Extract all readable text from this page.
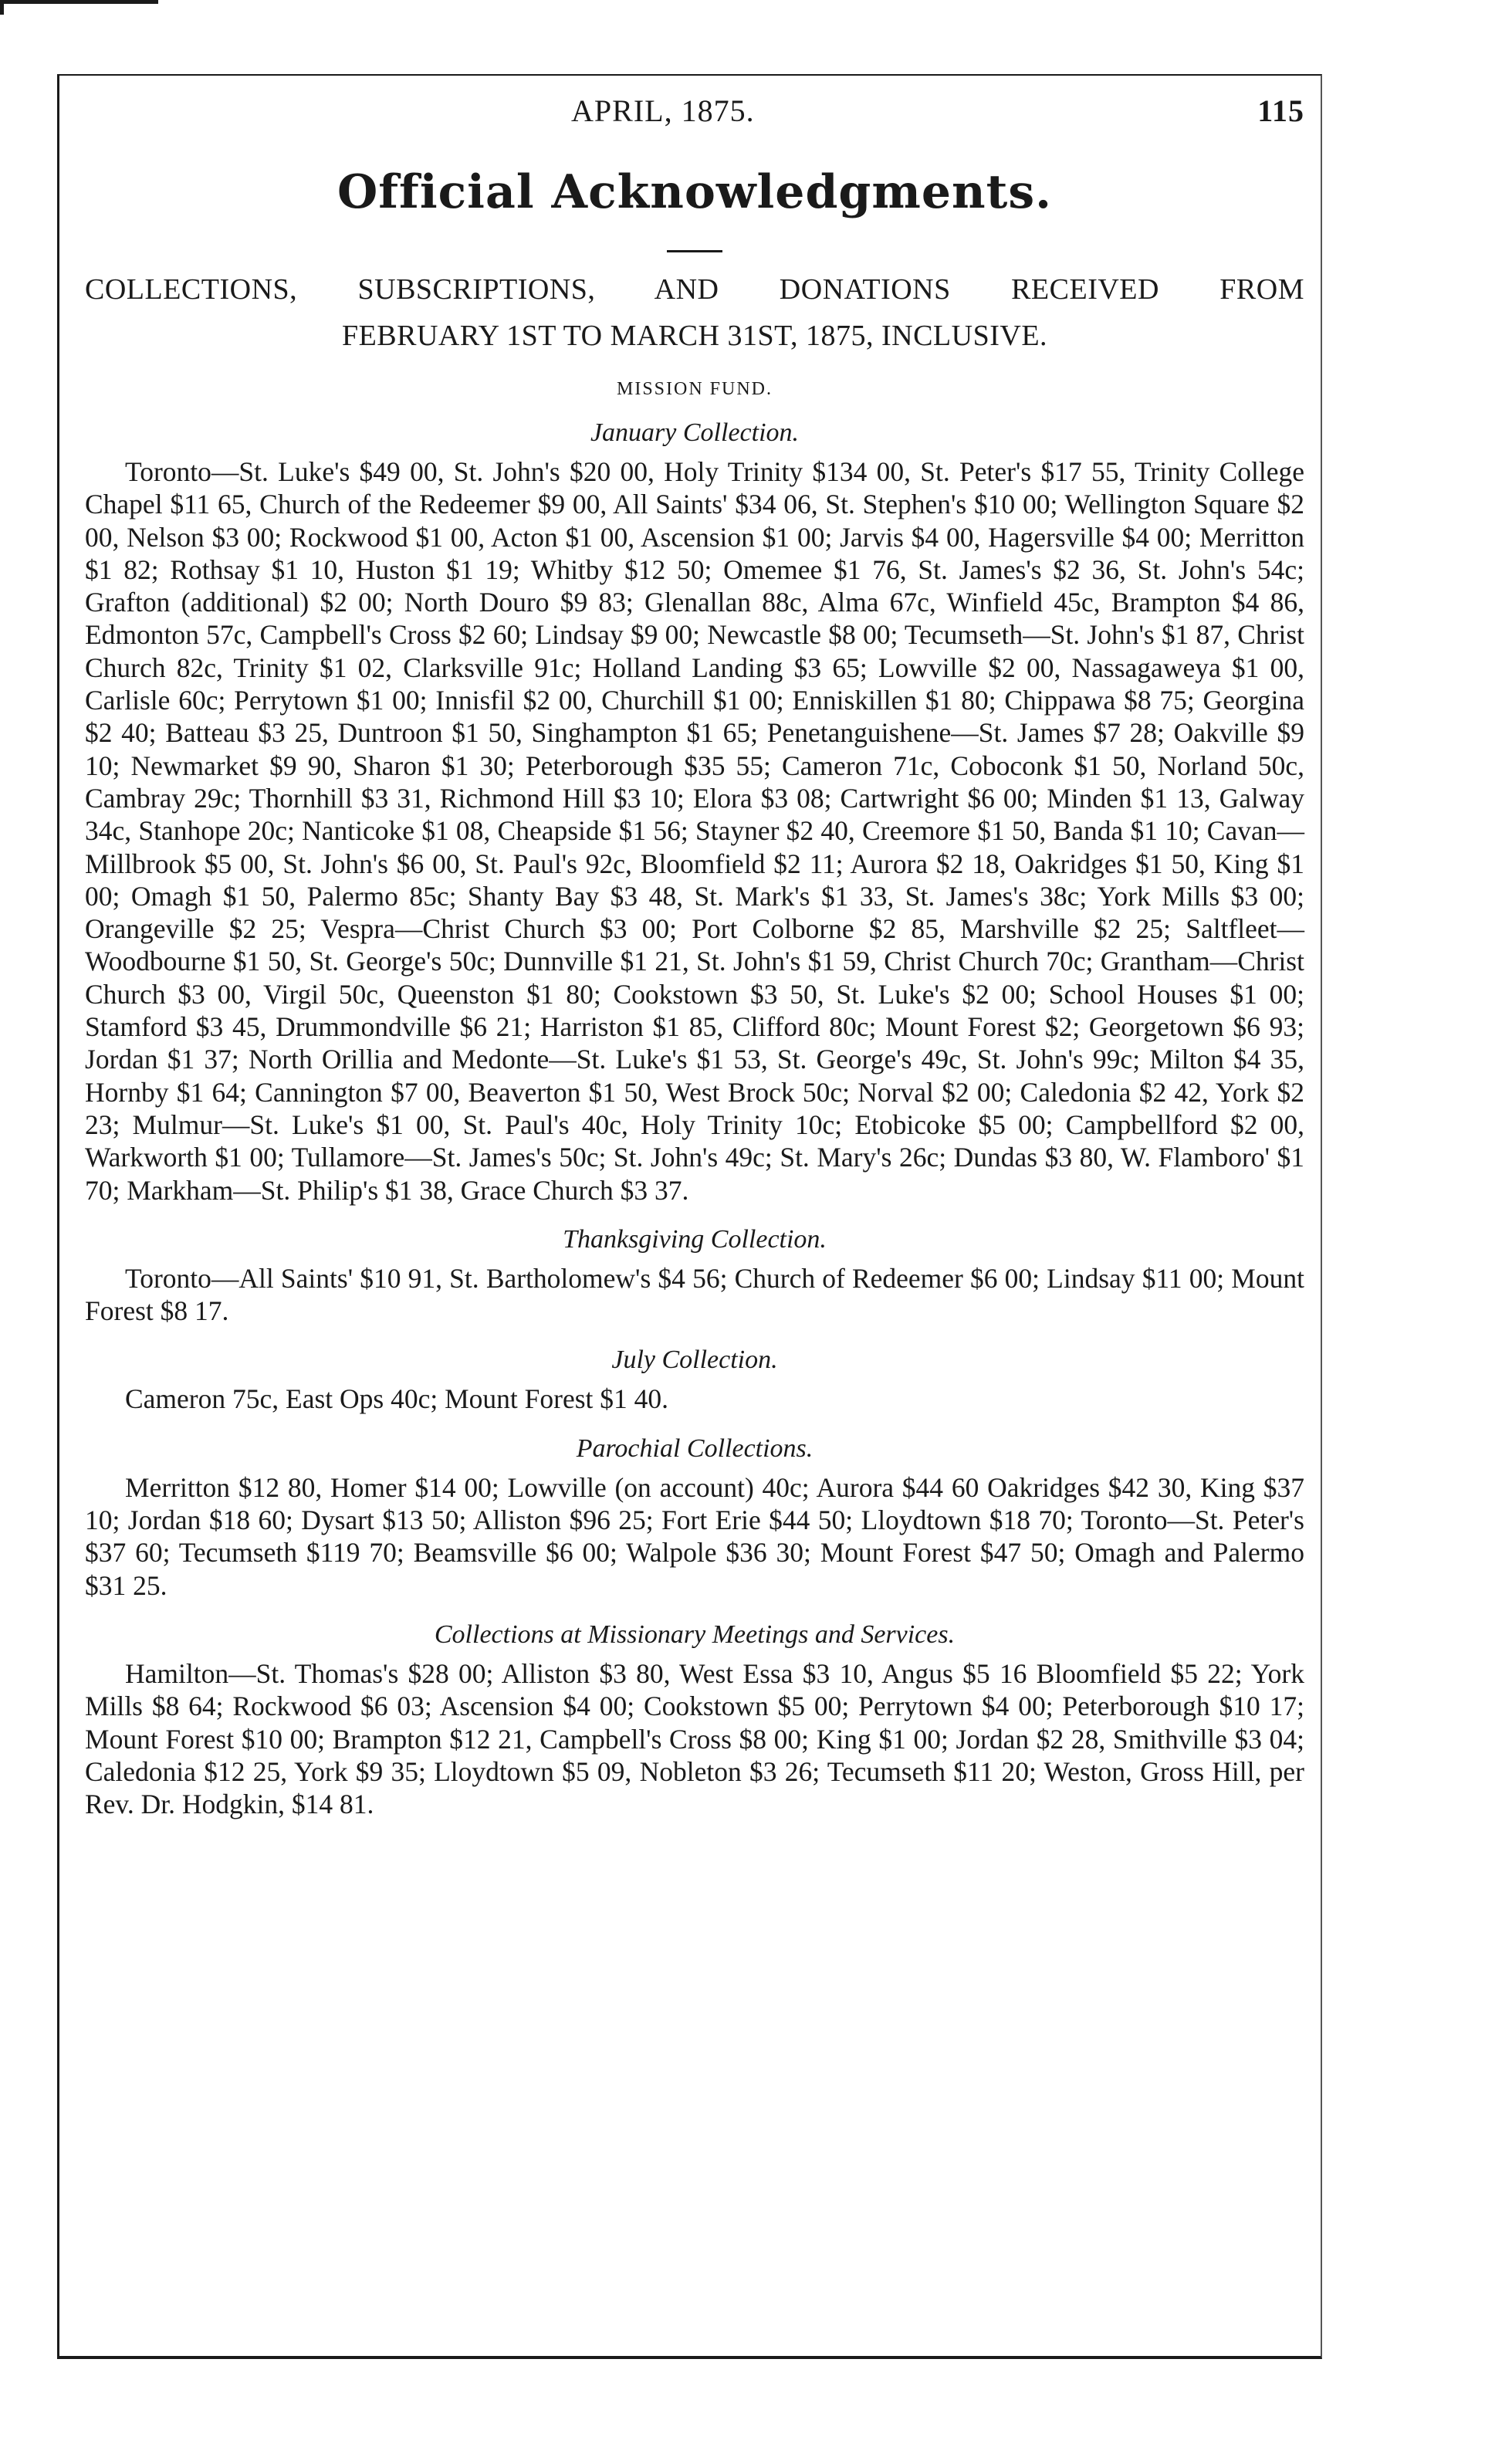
APRIL, 1875.	115
Official Acknowledgments.
COLLECTIONS, SUBSCRIPTIONS, AND DONATIONS RECEIVED FROM
FEBRUARY 1ST TO MARCH 31ST, 1875, INCLUSIVE.
MISSION FUND.
January Collection.

Toronto—St. Luke's $49 00, St. John's $20 00, Holy Trinity $134 00, St. Peter's $17 55, Trinity College Chapel $11 65, Church of the Redeemer $9 00, All Saints' $34 06, St. Stephen's $10 00; Wellington Square $2 00, Nelson $3 00; Rockwood $1 00, Acton $1 00, Ascension $1 00; Jarvis $4 00, Hagersville $4 00; Merritton $1 82; Rothsay $1 10, Huston $1 19; Whitby $12 50; Omemee $1 76, St. James's $2 36, St. John's 54c; Grafton (additional) $2 00; North Douro $9 83; Glenallan 88c, Alma 67c, Winfield 45c, Brampton $4 86, Edmonton 57c, Campbell's Cross $2 60; Lindsay $9 00; Newcastle $8 00; Tecumseth—St. John's $1 87, Christ Church 82c, Trinity $1 02, Clarksville 91c; Holland Landing $3 65; Lowville $2 00, Nassagaweya $1 00, Carlisle 60c; Perrytown $1 00; Innisfil $2 00, Churchill $1 00; Enniskillen $1 80; Chippawa $8 75; Georgina $2 40; Batteau $3 25, Duntroon $1 50, Singhampton $1 65; Penetanguishene—St. James $7 28; Oakville $9 10; Newmarket $9 90, Sharon $1 30; Peterborough $35 55; Cameron 71c, Coboconk $1 50, Norland 50c, Cambray 29c; Thornhill $3 31, Richmond Hill $3 10; Elora $3 08; Cartwright $6 00; Minden $1 13, Galway 34c, Stanhope 20c; Nanticoke $1 08, Cheapside $1 56; Stayner $2 40, Creemore $1 50, Banda $1 10; Cavan—Millbrook $5 00, St. John's $6 00, St. Paul's 92c, Bloomfield $2 11; Aurora $2 18, Oakridges $1 50, King $1 00; Omagh $1 50, Palermo 85c; Shanty Bay $3 48, St. Mark's $1 33, St. James's 38c; York Mills $3 00; Orangeville $2 25; Vespra—Christ Church $3 00; Port Colborne $2 85, Marshville $2 25; Saltfleet—Woodbourne $1 50, St. George's 50c; Dunnville $1 21, St. John's $1 59, Christ Church 70c; Grantham—Christ Church $3 00, Virgil 50c, Queenston $1 80; Cookstown $3 50, St. Luke's $2 00; School Houses $1 00; Stamford $3 45, Drummondville $6 21; Harriston $1 85, Clifford 80c; Mount Forest $2; Georgetown $6 93; Jordan $1 37; North Orillia and Medonte—St. Luke's $1 53, St. George's 49c, St. John's 99c; Milton $4 35, Hornby $1 64; Cannington $7 00, Beaverton $1 50, West Brock 50c; Norval $2 00; Caledonia $2 42, York $2 23; Mulmur—St. Luke's $1 00, St. Paul's 40c, Holy Trinity 10c; Etobicoke $5 00; Campbellford $2 00, Warkworth $1 00; Tullamore—St. James's 50c; St. John's 49c; St. Mary's 26c; Dundas $3 80, W. Flamboro' $1 70; Markham—St. Philip's $1 38, Grace Church $3 37.

Thanksgiving Collection.

Toronto—All Saints' $10 91, St. Bartholomew's $4 56; Church of Redeemer $6 00; Lindsay $11 00; Mount Forest $8 17.

July Collection.

Cameron 75c, East Ops 40c; Mount Forest $1 40.

Parochial Collections.

Merritton $12 80, Homer $14 00; Lowville (on account) 40c; Aurora $44 60 Oakridges $42 30, King $37 10; Jordan $18 60; Dysart $13 50; Alliston $96 25; Fort Erie $44 50; Lloydtown $18 70; Toronto—St. Peter's $37 60; Tecumseth $119 70; Beamsville $6 00; Walpole $36 30; Mount Forest $47 50; Omagh and Palermo $31 25.

Collections at Missionary Meetings and Services.

Hamilton—St. Thomas's $28 00; Alliston $3 80, West Essa $3 10, Angus $5 16 Bloomfield $5 22; York Mills $8 64; Rockwood $6 03; Ascension $4 00; Cookstown $5 00; Perrytown $4 00; Peterborough $10 17; Mount Forest $10 00; Brampton $12 21, Campbell's Cross $8 00; King $1 00; Jordan $2 28, Smithville $3 04; Caledonia $12 25, York $9 35; Lloydtown $5 09, Nobleton $3 26; Tecumseth $11 20; Weston, Gross Hill, per Rev. Dr. Hodgkin, $14 81.
